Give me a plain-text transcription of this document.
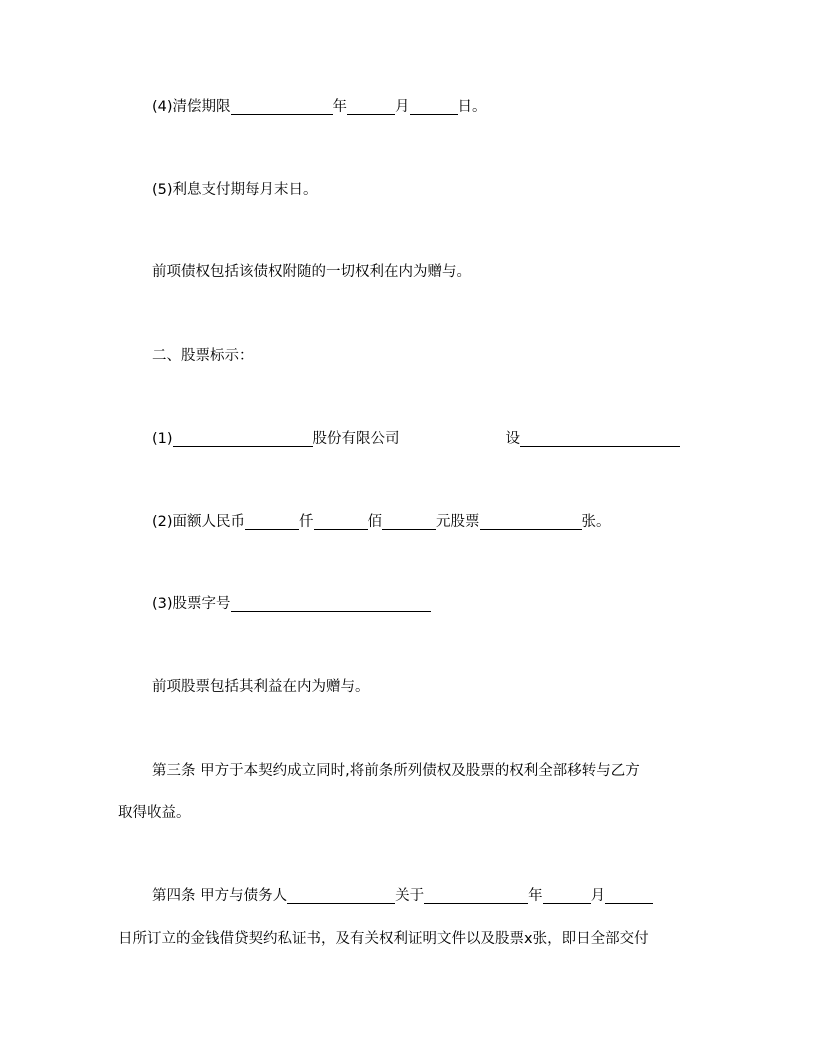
(4)清偿期限	年	月	日。
(5)利息支付期每月末日。
前项债权包括该债权附随的一切权利在内为赠与。
二、股票标示：
(1)	股份有限公司	设
(2)面额人民币	仟	佰	元股票	张。
(3)股票字号
前项股票包括其利益在内为赠与。
第三条 甲方于本契约成立同时,将前条所列债权及股票的权利全部移转与乙方
取得收益。
第四条 甲方与债务人	关于	年	月
日所订立的金钱借贷契约私证书，及有关权利证明文件以及股票x张，即日全部交付
